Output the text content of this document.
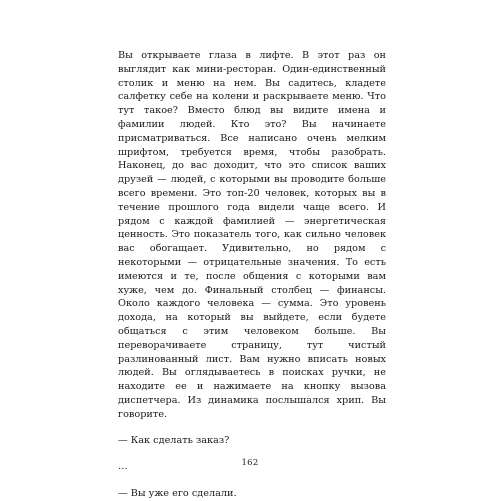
Вы открываете глаза в лифте. В этот раз он выглядит как мини-ресторан. Один-единственный столик и меню на нем. Вы садитесь, кладете салфетку себе на колени и раскрываете меню. Что тут такое? Вместо блюд вы видите имена и фамилии людей. Кто это? Вы начинаете присматриваться. Все написано очень мелким шрифтом, требуется время, чтобы разобрать. Наконец, до вас доходит, что это список ваших друзей — людей, с которыми вы проводите больше всего времени. Это топ-20 человек, которых вы в течение прошлого года видели чаще всего. И рядом с каждой фамилией — энергетическая ценность. Это показатель того, как сильно человек вас обогащает. Удивительно, но рядом с некоторыми — отрицательные значения. То есть имеются и те, после общения с которыми вам хуже, чем до. Финальный столбец — финансы. Около каждого человека — сумма. Это уровень дохода, на который вы выйдете, если будете общаться с этим человеком больше. Вы переворачиваете страницу, тут чистый разлинованный лист. Вам нужно вписать новых людей. Вы оглядываетесь в поисках ручки, не находите ее и нажимаете на кнопку вызова диспетчера. Из динамика послышался хрип. Вы говорите.

— Как сделать заказ?

…

— Вы уже его сделали.

162
